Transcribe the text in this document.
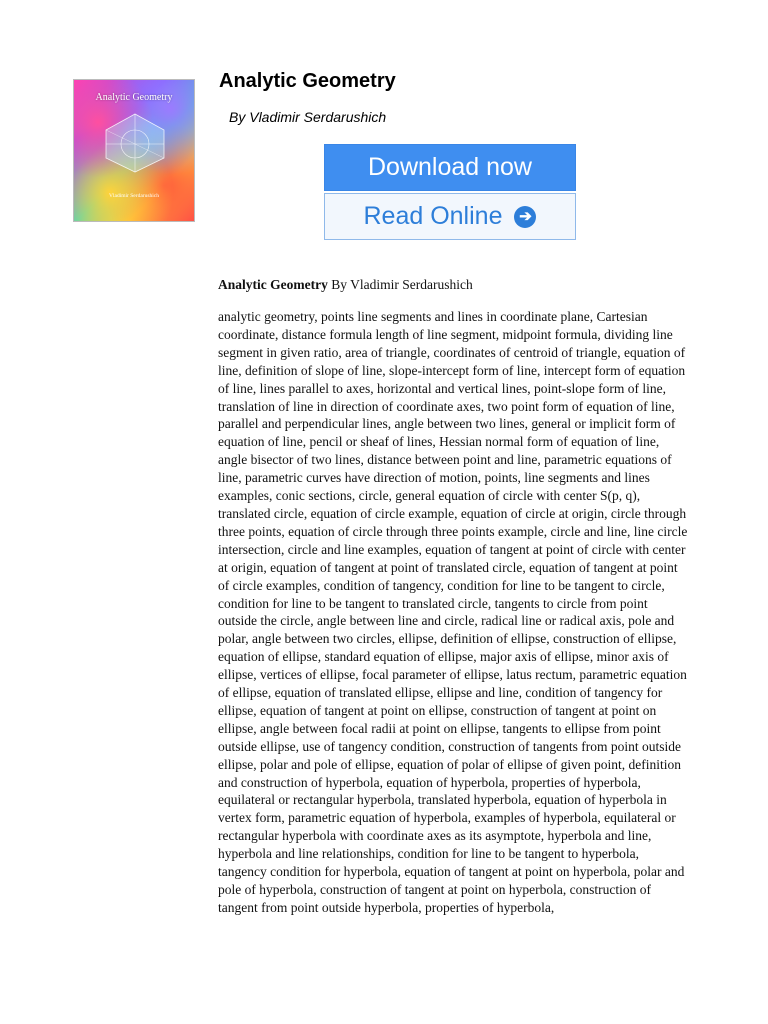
Analytic Geometry
Vladimir Serdarushich
Analytic Geometry
By Vladimir Serdarushich
Download now
Read Online	➔
Analytic Geometry By Vladimir Serdarushich

analytic geometry, points line segments and lines in coordinate plane, Cartesian coordinate, distance formula length of line segment, midpoint formula, dividing line segment in given ratio, area of triangle, coordinates of centroid of triangle, equation of line, definition of slope of line, slope-intercept form of line, intercept form of equation of line, lines parallel to axes, horizontal and vertical lines, point-slope form of line, translation of line in direction of coordinate axes, two point form of equation of line, parallel and perpendicular lines, angle between two lines, general or implicit form of equation of line, pencil or sheaf of lines, Hessian normal form of equation of line, angle bisector of two lines, distance between point and line, parametric equations of line, parametric curves have direction of motion, points, line segments and lines examples, conic sections, circle, general equation of circle with center S(p, q), translated circle, equation of circle example, equation of circle at origin, circle through three points, equation of circle through three points example, circle and line, line circle intersection, circle and line examples, equation of tangent at point of circle with center at origin, equation of tangent at point of translated circle, equation of tangent at point of circle examples, condition of tangency, condition for line to be tangent to circle, condition for line to be tangent to translated circle, tangents to circle from point outside the circle, angle between line and circle, radical line or radical axis, pole and polar, angle between two circles, ellipse, definition of ellipse, construction of ellipse, equation of ellipse, standard equation of ellipse, major axis of ellipse, minor axis of ellipse, vertices of ellipse, focal parameter of ellipse, latus rectum, parametric equation of ellipse, equation of translated ellipse, ellipse and line, condition of tangency for ellipse, equation of tangent at point on ellipse, construction of tangent at point on ellipse, angle between focal radii at point on ellipse, tangents to ellipse from point outside ellipse, use of tangency condition, construction of tangents from point outside ellipse, polar and pole of ellipse, equation of polar of ellipse of given point, definition and construction of hyperbola, equation of hyperbola, properties of hyperbola, equilateral or rectangular hyperbola, translated hyperbola, equation of hyperbola in vertex form, parametric equation of hyperbola, examples of hyperbola, equilateral or rectangular hyperbola with coordinate axes as its asymptote, hyperbola and line, hyperbola and line relationships, condition for line to be tangent to hyperbola, tangency condition for hyperbola, equation of tangent at point on hyperbola, polar and pole of hyperbola, construction of tangent at point on hyperbola, construction of tangent from point outside hyperbola, properties of hyperbola,
